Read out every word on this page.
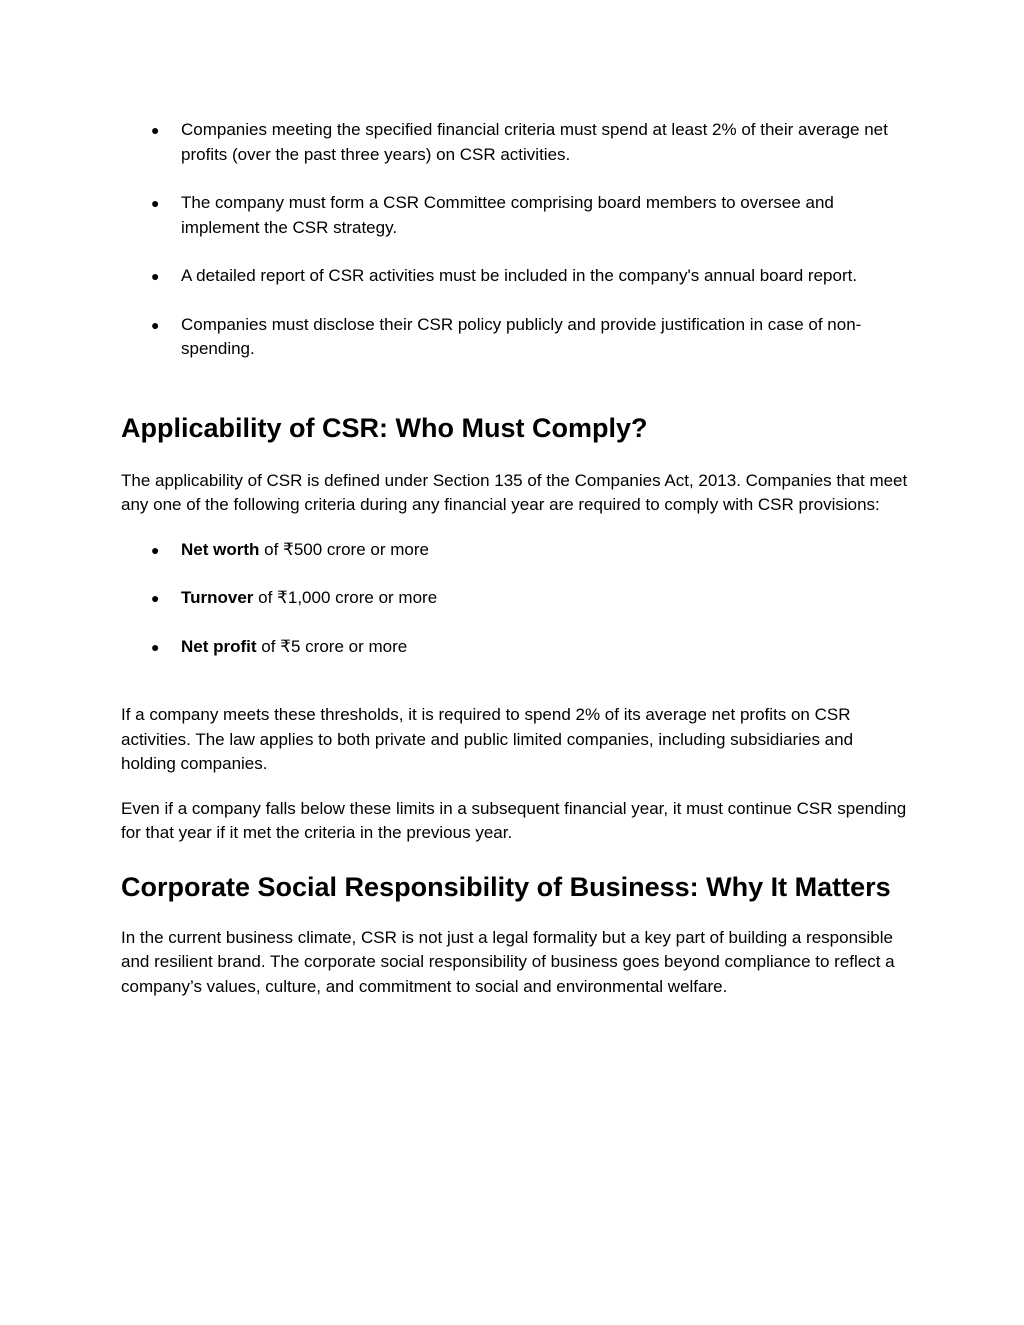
● Companies meeting the specified financial criteria must spend at least 2% of their average net profits (over the past three years) on CSR activities.
● The company must form a CSR Committee comprising board members to oversee and implement the CSR strategy.
● A detailed report of CSR activities must be included in the company's annual board report.
● Companies must disclose their CSR policy publicly and provide justification in case of non-spending.
Applicability of CSR: Who Must Comply?

The applicability of CSR is defined under Section 135 of the Companies Act, 2013. Companies that meet any one of the following criteria during any financial year are required to comply with CSR provisions:

● Net worth of ₹500 crore or more
● Turnover of ₹1,000 crore or more
● Net profit of ₹5 crore or more

If a company meets these thresholds, it is required to spend 2% of its average net profits on CSR activities. The law applies to both private and public limited companies, including subsidiaries and holding companies.

Even if a company falls below these limits in a subsequent financial year, it must continue CSR spending for that year if it met the criteria in the previous year.

Corporate Social Responsibility of Business: Why It Matters

In the current business climate, CSR is not just a legal formality but a key part of building a responsible and resilient brand. The corporate social responsibility of business goes beyond compliance to reflect a company’s values, culture, and commitment to social and environmental welfare.
